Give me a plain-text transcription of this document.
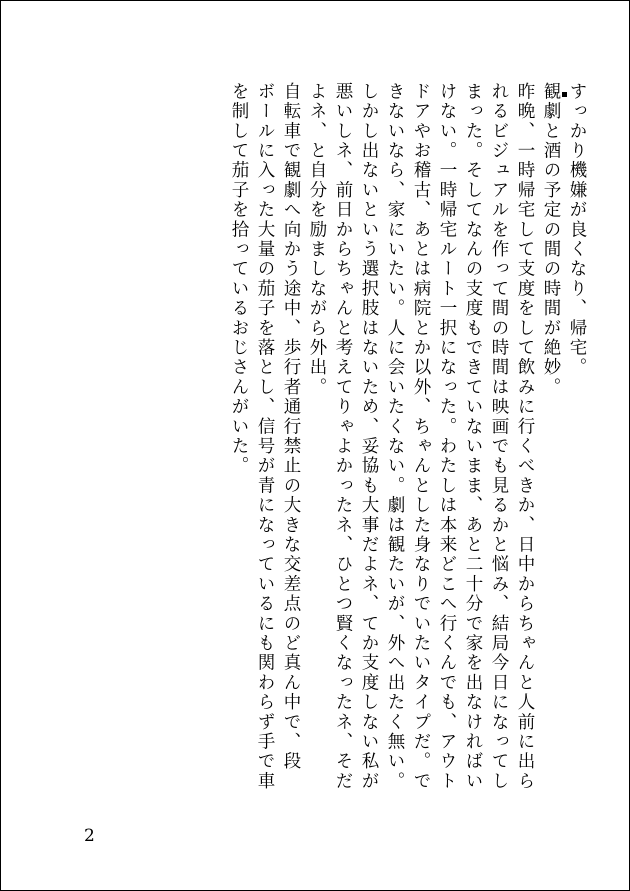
すっかり機嫌が良くなり、帰宅。
観劇と酒の予定の間の時間が絶妙。
昨晩、一時帰宅して支度をして飲みに行くべきか、日中からちゃんと人前に出ら
れるビジュアルを作って間の時間は映画でも見るかと悩み、結局今日になってし
まった。そしてなんの支度もできていないまま、あと二十分で家を出なければい
けない。一時帰宅ルート一択になった。わたしは本来どこへ行くんでも、アウト
ドアやお稽古、あとは病院とか以外、ちゃんとした身なりでいたいタイプだ。で
きないなら、家にいたい。人に会いたくない。劇は観たいが、外へ出たく無い。
しかし出ないという選択肢はないため、妥協も大事だよネ、てか支度しない私が
悪いしネ、前日からちゃんと考えてりゃよかったネ、ひとつ賢くなったネ、そだ
よネ、と自分を励ましながら外出。
自転車で観劇へ向かう途中、歩行者通行禁止の大きな交差点のど真ん中で、段
ボールに入った大量の茄子を落とし、信号が青になっているにも関わらず手で車
を制して茄子を拾っているおじさんがいた。
2
